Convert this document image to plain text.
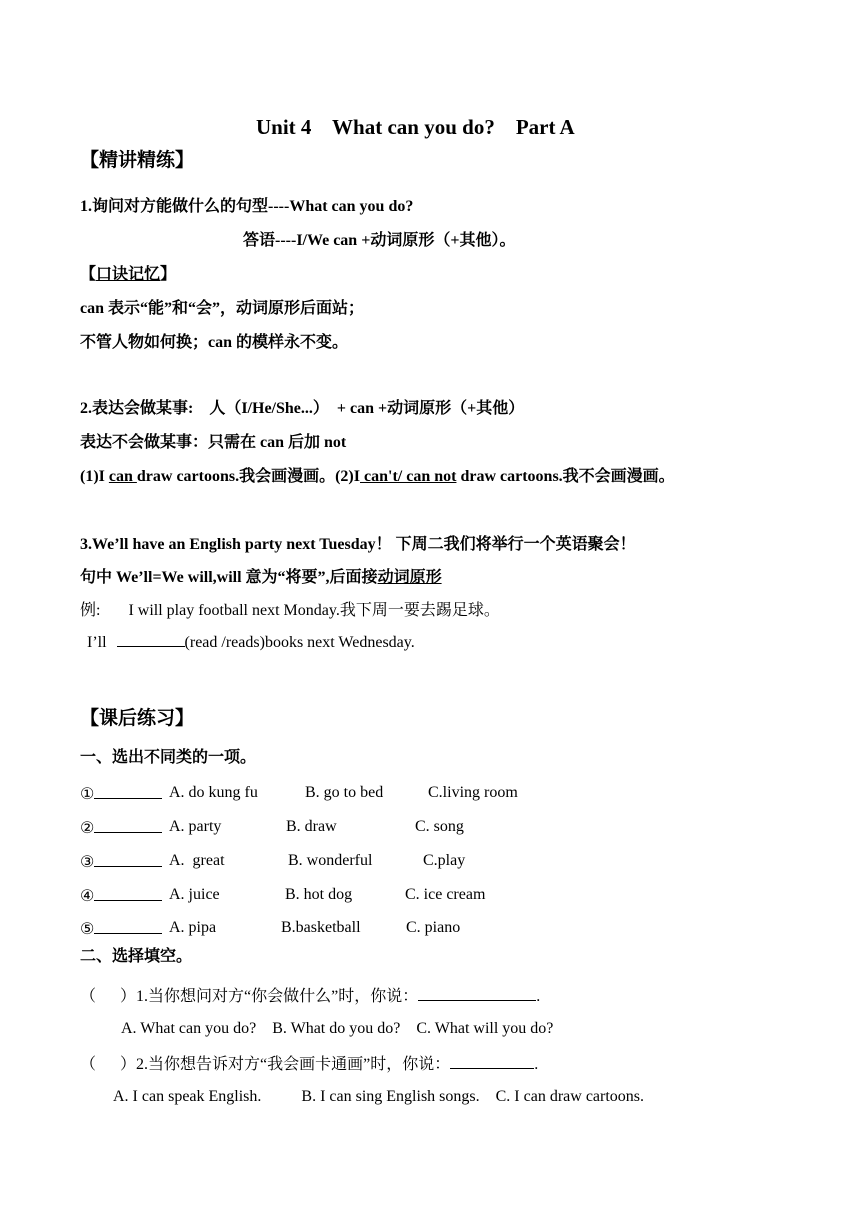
Unit 4    What can you do?    Part A
【精讲精练】
1.询问对方能做什么的句型----What can you do?
答语----I/We can +动词原形（+其他）。
【口诀记忆】
can 表示“能”和“会”，动词原形后面站；
不管人物如何换；can 的模样永不变。
2.表达会做某事:    人（I/He/She...）  + can +动词原形（+其他）
表达不会做某事：只需在 can 后加 not
(1)I can draw cartoons.我会画漫画。(2)I can't/ can not draw cartoons.我不会画漫画。
3.We’ll have an English party next Tuesday！ 下周二我们将举行一个英语聚会！
句中 We’ll=We will,will 意为“将要”,后面接动词原形
例: I will play football next Monday.我下周一要去踢足球。
I’ll	(read /reads)books next Wednesday.
【课后练习】
一、选出不同类的一项。
①	A. do kung fu	B. go to bed	C.living room
②	A. party	B. draw	C. song
③	A.  great	B. wonderful	C.play
④	A. juice	B. hot dog	C. ice cream
⑤	A. pipa	B.basketball	C. piano
二、选择填空。
（      ）1.当你想问对方“你会做什么”时，你说：	.
A. What can you do?    B. What do you do?    C. What will you do?
（      ）2.当你想告诉对方“我会画卡通画”时，你说：	.
A. I can speak English.          B. I can sing English songs.    C. I can draw cartoons.
